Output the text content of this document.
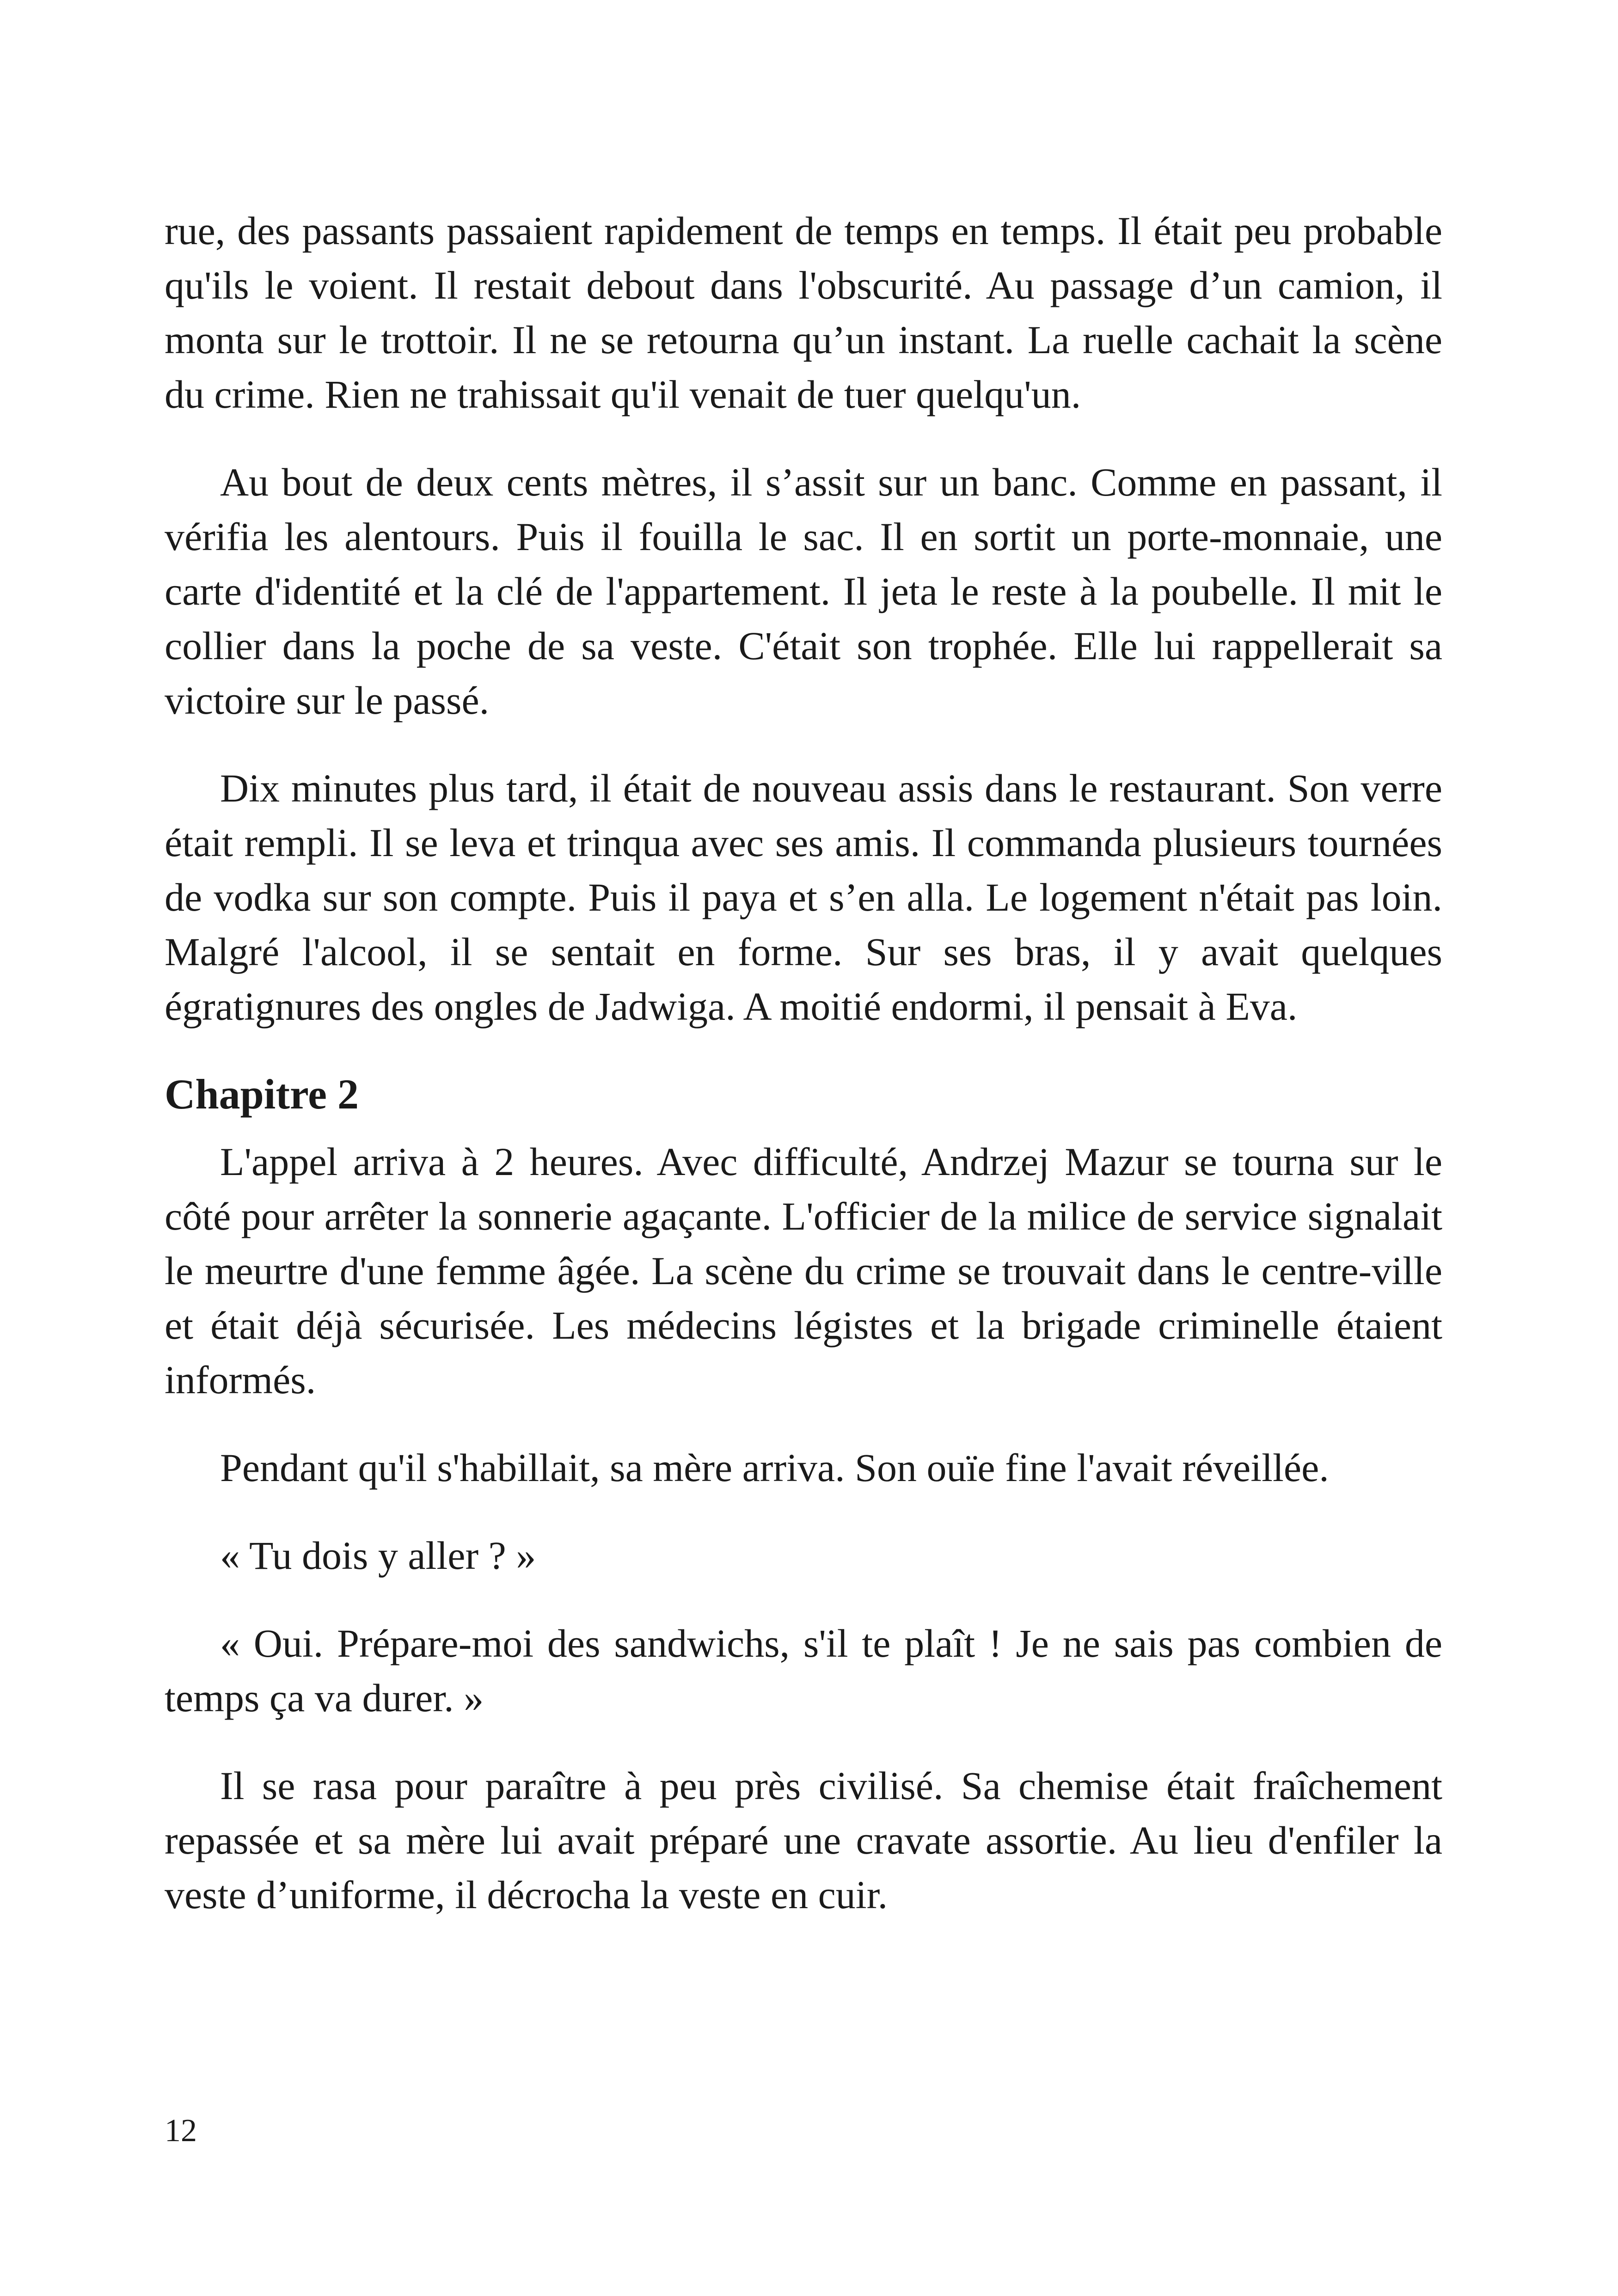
rue, des passants passaient rapidement de temps en temps. Il était peu probable qu'ils le voient. Il restait debout dans l'obscurité. Au passage d’un camion, il monta sur le trottoir. Il ne se retourna qu’un instant. La ruelle cachait la scène du crime. Rien ne trahissait qu'il venait de tuer quelqu'un.

Au bout de deux cents mètres, il s’assit sur un banc. Comme en passant, il vérifia les alentours. Puis il fouilla le sac. Il en sortit un porte-monnaie, une carte d'identité et la clé de l'appartement. Il jeta le reste à la poubelle. Il mit le collier dans la poche de sa veste. C'était son trophée. Elle lui rappellerait sa victoire sur le passé.

Dix minutes plus tard, il était de nouveau assis dans le restaurant. Son verre était rempli. Il se leva et trinqua avec ses amis. Il commanda plusieurs tournées de vodka sur son compte. Puis il paya et s’en alla. Le logement n'était pas loin. Malgré l'alcool, il se sentait en forme. Sur ses bras, il y avait quelques égratignures des ongles de Jadwiga. A moitié endormi, il pensait à Eva.

Chapitre 2

L'appel arriva à 2 heures. Avec difficulté, Andrzej Mazur se tourna sur le côté pour arrêter la sonnerie agaçante. L'officier de la milice de service signalait le meurtre d'une femme âgée. La scène du crime se trouvait dans le centre-ville et était déjà sécurisée. Les médecins légistes et la brigade criminelle étaient informés.

Pendant qu'il s'habillait, sa mère arriva. Son ouïe fine l'avait réveillée.

« Tu dois y aller ? »

« Oui. Prépare-moi des sandwichs, s'il te plaît ! Je ne sais pas combien de temps ça va durer. »

Il se rasa pour paraître à peu près civilisé. Sa chemise était fraîchement repassée et sa mère lui avait préparé une cravate assortie. Au lieu d'enfiler la veste d’uniforme, il décrocha la veste en cuir.

12
